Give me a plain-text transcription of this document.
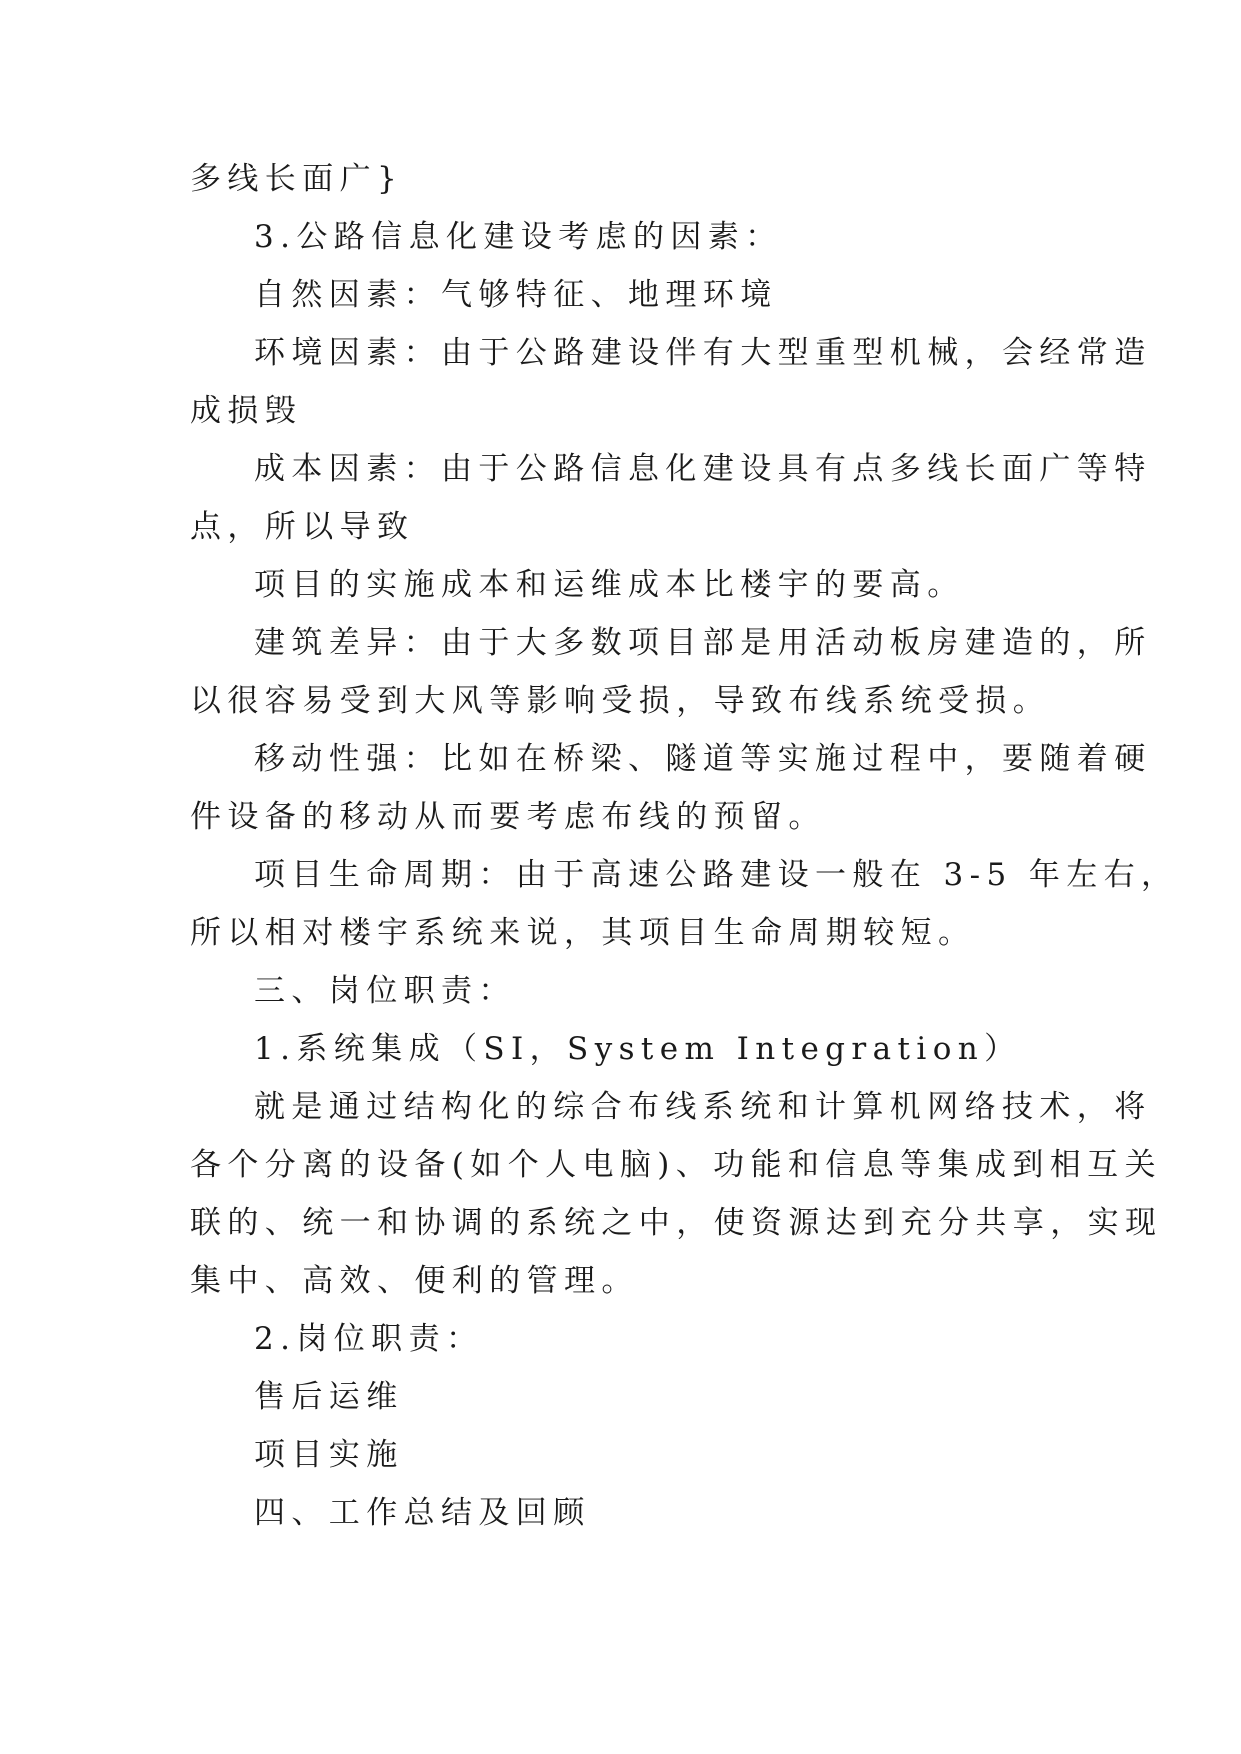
多线长面广}

3.公路信息化建设考虑的因素：

自然因素：气够特征、地理环境

环境因素：由于公路建设伴有大型重型机械，会经常造

成损毁

成本因素：由于公路信息化建设具有点多线长面广等特

点，所以导致

项目的实施成本和运维成本比楼宇的要高。

建筑差异：由于大多数项目部是用活动板房建造的，所

以很容易受到大风等影响受损，导致布线系统受损。

移动性强：比如在桥梁、隧道等实施过程中，要随着硬

件设备的移动从而要考虑布线的预留。

项目生命周期：由于高速公路建设一般在 3-5 年左右，

所以相对楼宇系统来说，其项目生命周期较短。

三、岗位职责：

1.系统集成（SI，System Integration）

就是通过结构化的综合布线系统和计算机网络技术，将

各个分离的设备(如个人电脑)、功能和信息等集成到相互关

联的、统一和协调的系统之中，使资源达到充分共享，实现

集中、高效、便利的管理。

2.岗位职责：

售后运维

项目实施

四、工作总结及回顾
